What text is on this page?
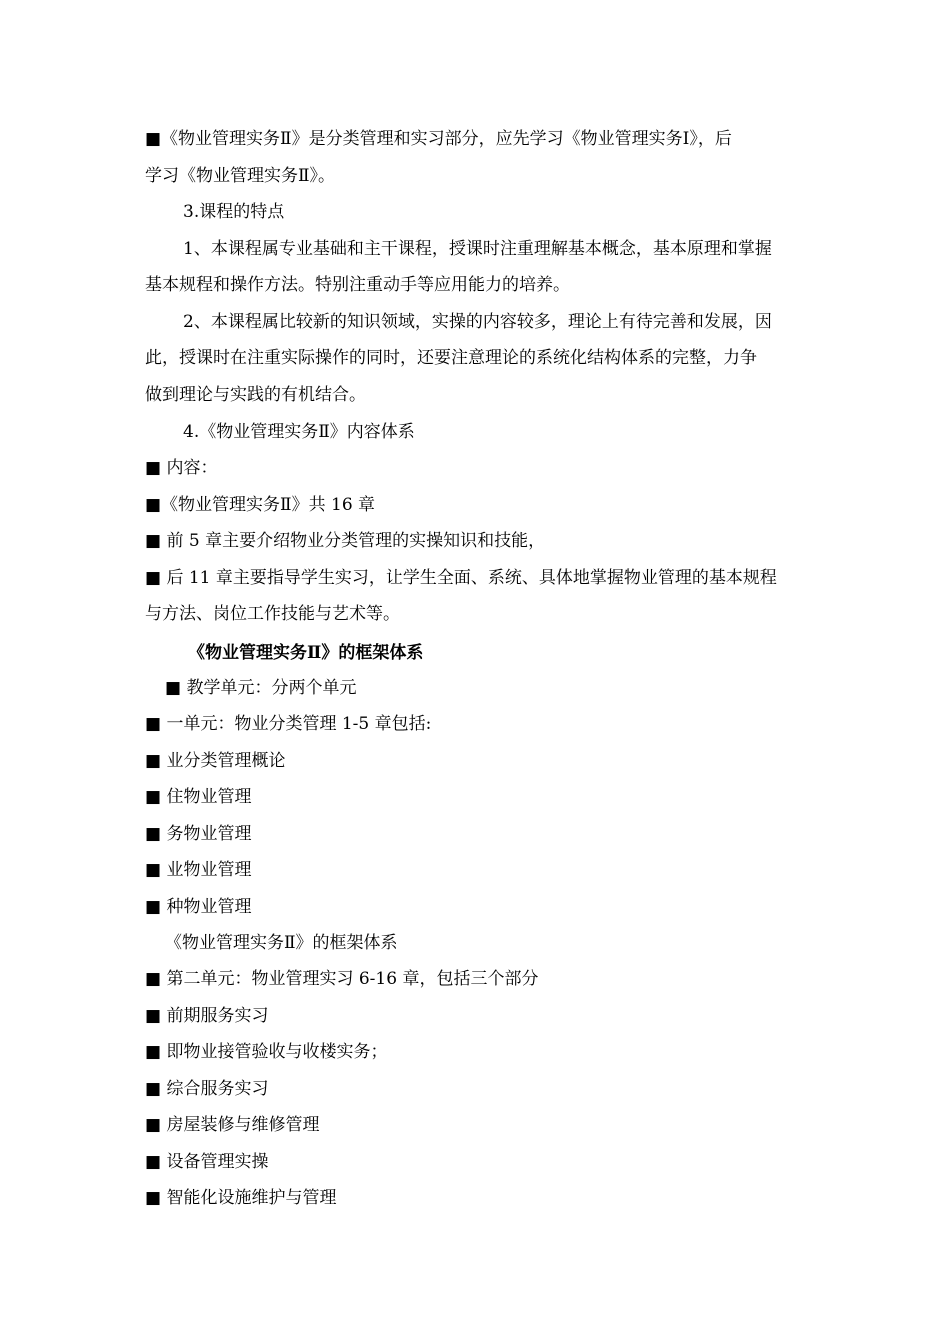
■《物业管理实务Ⅱ》是分类管理和实习部分，应先学习《物业管理实务Ⅰ》，后
学习《物业管理实务Ⅱ》。
3.课程的特点
1、本课程属专业基础和主干课程，授课时注重理解基本概念，基本原理和掌握
基本规程和操作方法。特别注重动手等应用能力的培养。
2、本课程属比较新的知识领域，实操的内容较多，理论上有待完善和发展，因
此，授课时在注重实际操作的同时，还要注意理论的系统化结构体系的完整，力争
做到理论与实践的有机结合。
4.《物业管理实务Ⅱ》内容体系
■ 内容：
■《物业管理实务Ⅱ》共 16 章
■ 前 5 章主要介绍物业分类管理的实操知识和技能，
■ 后 11 章主要指导学生实习，让学生全面、系统、具体地掌握物业管理的基本规程
与方法、岗位工作技能与艺术等。
《物业管理实务Ⅱ》的框架体系
■ 教学单元：分两个单元
■ 一单元：物业分类管理 1-5 章包括:
■ 业分类管理概论
■ 住物业管理
■ 务物业管理
■ 业物业管理
■ 种物业管理
《物业管理实务Ⅱ》的框架体系
■ 第二单元：物业管理实习 6-16 章，包括三个部分
■ 前期服务实习
■ 即物业接管验收与收楼实务；
■ 综合服务实习
■ 房屋装修与维修管理
■ 设备管理实操
■ 智能化设施维护与管理
